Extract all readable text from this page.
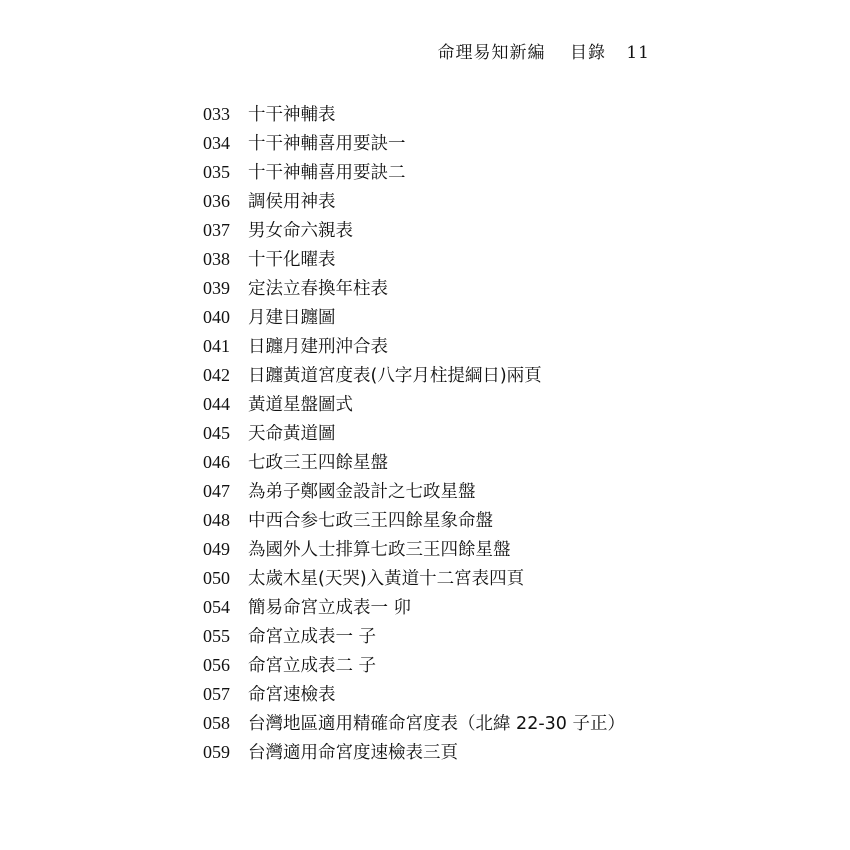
命理易知新編 目錄 11
033 十干神輔表
034 十干神輔喜用要訣一
035 十干神輔喜用要訣二
036 調侯用神表
037 男女命六親表
038 十干化曜表
039 定法立春換年柱表
040 月建日躔圖
041 日躔月建刑沖合表
042 日躔黃道宮度表(八字月柱提綱日)兩頁
044 黃道星盤圖式
045 天命黃道圖
046 七政三王四餘星盤
047 為弟子鄭國金設計之七政星盤
048 中西合参七政三王四餘星象命盤
049 為國外人士排算七政三王四餘星盤
050 太歲木星(天哭)入黃道十二宮表四頁
054 簡易命宮立成表一 卯
055 命宮立成表一 子
056 命宮立成表二 子
057 命宮速檢表
058 台灣地區適用精確命宮度表（北緯 22-30 子正）
059 台灣適用命宮度速檢表三頁
